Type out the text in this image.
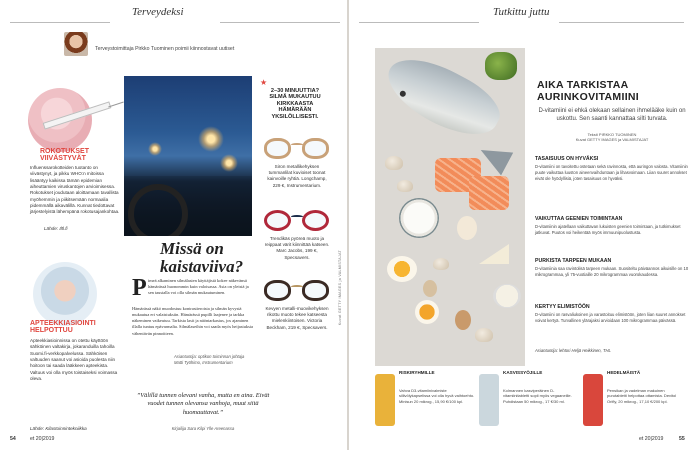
Terveydeksi
Terveystoimittaja Pirkko Tuominen poimii kiinnostavat uutiset
ROKOTUKSET VIIVÄSTYVÄT
Influenssarokotteiden tuotanto on viivästynyt, ja pikku WHO:n mitoissa lisääntyy kaikissa tämän epidemian aiheuttamien viruskantojen arvioimisessa. Rokotukset joudutaan aloittamaan tavallista myöhemmin ja piikitsemään normaalia pidemmällä aikavälillä. Kunnat tiedottavat järjestelyistä lähempänä rokotusajankohtaa.
Lähde: Iltl.fi
APTEEKKIASIOINTI HELPOTTUU
Apteekkiasioinnissa on otettu käyttöön sähköinen valtakirja, jokaranduilla tahoilla Suomi.fi-verkkopalvelussa. Sähköisen valtuuden saanut voi asioida puolesta niin hoitoon tai saada lääkkeen apteekista. Valtuus voi olla myös toistaiseksi voimassa oleva.
Lähde: Kilastoinnintekniikka
Missä on kaistaviiva?
P imeä alkaminen silmälasien käyttäjistä kokee näkevänsä hämärässä huonommin kuin valoisassa. Asia on yleistä ja sen taustalla voi olla silmän mukautuminen.
Hämärässä näkö muodostuu kontrastieroista ja silmän kyvystä mukautua eri valaistuksiin. Hämärässä pupilli laajenee ja tarkka näkeminen vaikeutuu. Tarkista lasit ja näöntarkastus, jos ajaminen illalla tuntuu epävarmalta. Silmälaseihin voi saada myös heijastuksia vähentävän pinnoitteen.
Asiantuntija: optikon toiminnan johtaja Matti Työhimo, Instrumentarium
”Välillä tunnen olevani vanha, mutta en aina. Eivät vuodet tunnen olevansa vanhoja, muut siitä huomauttavat.”
Kirjailija Sara Kilpi Ylle Areenassa
★
2–30 MINUUTTIA?
SILMÄ MUKAUTUU KIRKKAASTA HÄMÄRÄÄN YKSILÖLLISESTI.
Siron metallikehyksen tummanlilat kuvioiset toonat kainvoille ryhtiä. Longchamp, 229 €, Instrumentarium.
Trendikäs pyöreä muoto ja reippaat värit kiinnittää katseen. Marc Jacobs, 199 €, Specsavers.
Kevyen metalli-muovikehyksen rikottu muoto tekee katseesta mielenkiintoisen. Victoria Beckham, 219 €, Specsavers.
Kuvat GETTY IMAGES ja VALMISTAJAT
54	et 20|2019
Tutkittu juttu
AIKA TARKISTAA AURINKOVITAMIINI
D-vitamiini ei ehkä olekaan sellainen ihmelääke kuin on uskottu. Sen saanti kannattaa silti turvata.
Teksti PIRKKO TUOMINEN
Kuvat GETTY IMAGES ja VALMISTAJAT
TASAISUUS ON HYVÄKSI
D-vitamiini on tavoitettu ostetaan sekä ravinnosta, että auringon valosta. Vitamiinin puute vaikuttaa luuston aineenvaihduntaan ja lihasvoimaan. Liian suuret annokset eivät ole hyödyllisiä, joten tasaisuus on hyväksi.
VAIKUTTAA GEENIEN TOIMINTAAN
D-vitamiinin ajatellaan vaikuttavan lukuisten geenien toimintaan, ja tutkimukset jatkuvat. Puutos voi heikentää myös immuunipuolustusta.
PURKISTA TARPEEN MUKAAN
D-vitamiinia saa ravintolisä tarpeen mukaan. Suositeltu päiväannos aikuisille on 10 mikrogrammaa, yli 75-vuotiaille 20 mikrogrammaa vuorokaudessa.
KERTYY ELIMISTÖÖN
D-vitamiini on rasvaliukoinen ja varastoituu elimistöön, joten liian suuret annokset voivat kertyä. Turvallinen ylärajaksi arvioidaan 100 mikrogrammaa päivässä.
Asiantuntija: lehtori Heljä Heikkinen, THL
RISKIRYHMILLE
Vahva D3-vitamiinivalmiste sillivölykapselissa voi olla hyvä vaihtoehto. Minisun 20 mikrog., 15,90 €/100 kpl.
KASVISSYÖJILLE
Kolmannen kasviperäinen D-vitamiinitabletti sopii myös vegaaneille. Puhdistaan 50 mikrog., 17 €/30 ml.
HEDELMÄISTÄ
Pensikan ja vadelman makuinen purutabletti helpottaa ottamista. Devitol Orifly, 20 mikrog., 17,10 €/200 kpl.
et 20|2019	55
